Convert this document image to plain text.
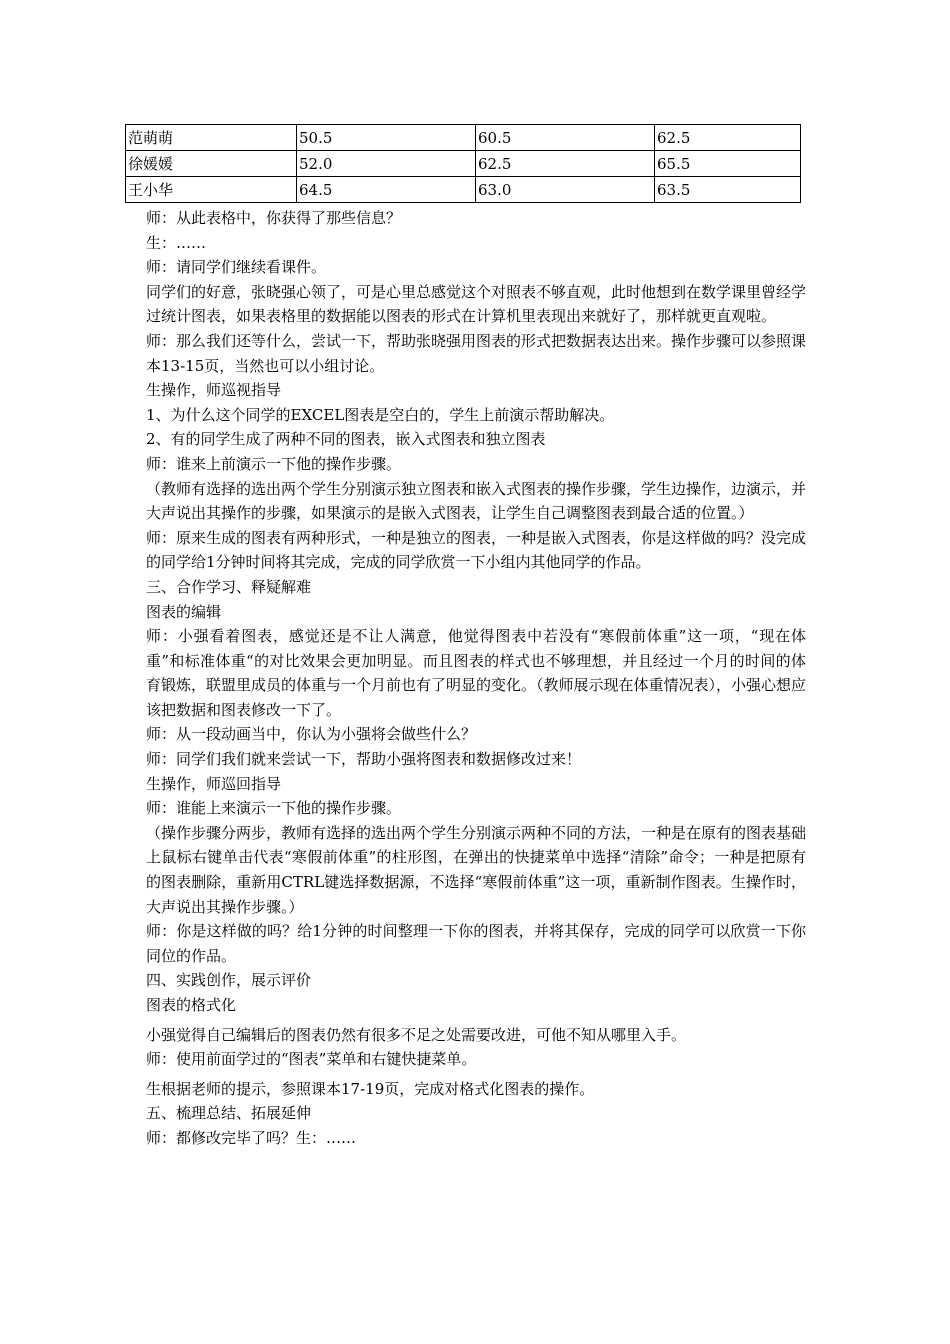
范萌萌	50.5	60.5	62.5
徐媛媛	52.0	62.5	65.5
王小华	64.5	63.0	63.5

师：从此表格中，你获得了那些信息？

生：……

师：请同学们继续看课件。

同学们的好意，张晓强心领了，可是心里总感觉这个对照表不够直观，此时他想到在数学课里曾经学过统计图表，如果表格里的数据能以图表的形式在计算机里表现出来就好了，那样就更直观啦。

师：那么我们还等什么，尝试一下，帮助张晓强用图表的形式把数据表达出来。操作步骤可以参照课本13-15页，当然也可以小组讨论。

生操作，师巡视指导

1、为什么这个同学的EXCEL图表是空白的，学生上前演示帮助解决。

2、有的同学生成了两种不同的图表，嵌入式图表和独立图表

师：谁来上前演示一下他的操作步骤。

（教师有选择的选出两个学生分别演示独立图表和嵌入式图表的操作步骤，学生边操作，边演示，并大声说出其操作的步骤，如果演示的是嵌入式图表，让学生自己调整图表到最合适的位置。）

师：原来生成的图表有两种形式，一种是独立的图表，一种是嵌入式图表，你是这样做的吗？没完成的同学给1分钟时间将其完成，完成的同学欣赏一下小组内其他同学的作品。

三、合作学习、释疑解难

图表的编辑

师：小强看着图表，感觉还是不让人满意，他觉得图表中若没有“寒假前体重”这一项，“现在体重”和标准体重“的对比效果会更加明显。而且图表的样式也不够理想，并且经过一个月的时间的体育锻炼，联盟里成员的体重与一个月前也有了明显的变化。（教师展示现在体重情况表），小强心想应该把数据和图表修改一下了。

师：从一段动画当中，你认为小强将会做些什么？

师：同学们我们就来尝试一下，帮助小强将图表和数据修改过来！

生操作，师巡回指导

师：谁能上来演示一下他的操作步骤。

（操作步骤分两步，教师有选择的选出两个学生分别演示两种不同的方法，一种是在原有的图表基础上鼠标右键单击代表“寒假前体重”的柱形图，在弹出的快捷菜单中选择“清除”命令；一种是把原有的图表删除，重新用CTRL键选择数据源，不选择“寒假前体重”这一项，重新制作图表。生操作时，大声说出其操作步骤。）

师：你是这样做的吗？给1分钟的时间整理一下你的图表，并将其保存，完成的同学可以欣赏一下你同位的作品。

四、实践创作，展示评价

图表的格式化

小强觉得自己编辑后的图表仍然有很多不足之处需要改进，可他不知从哪里入手。

师：使用前面学过的“图表”菜单和右键快捷菜单。

生根据老师的提示，参照课本17-19页，完成对格式化图表的操作。

五、梳理总结、拓展延伸

师：都修改完毕了吗？生：……
